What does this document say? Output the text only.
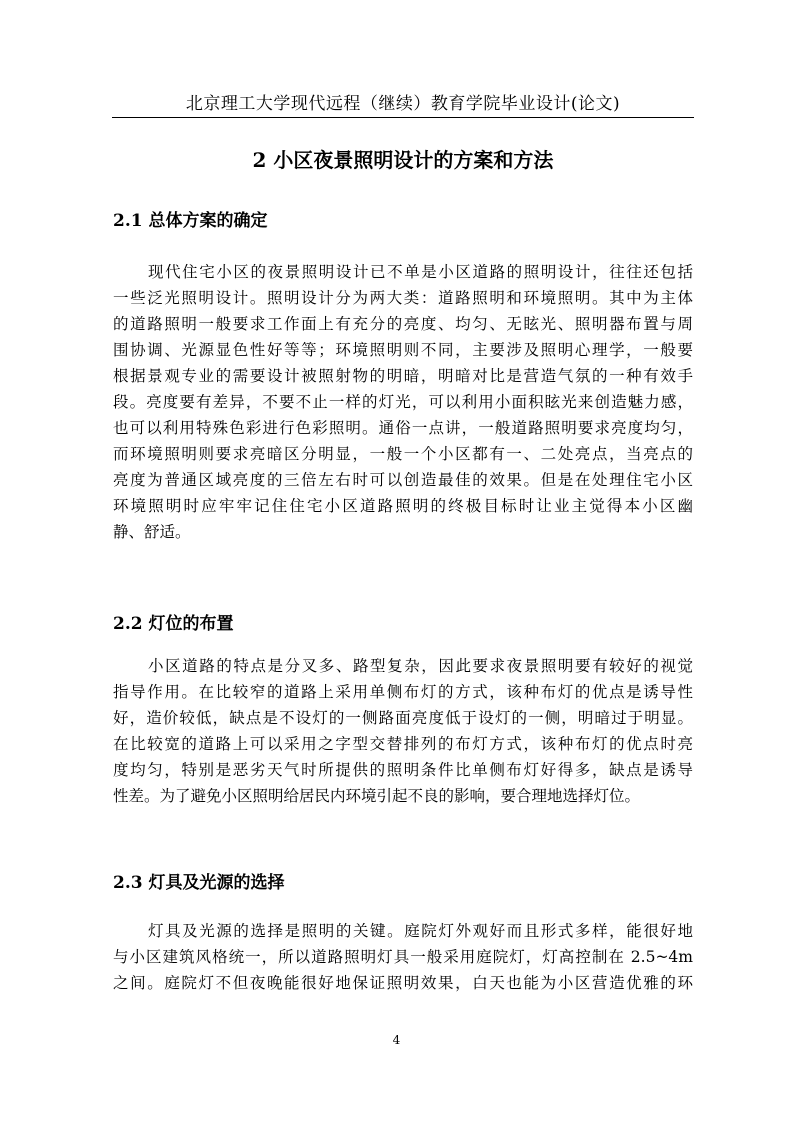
北京理工大学现代远程（继续）教育学院毕业设计(论文)
2 小区夜景照明设计的方案和方法
2.1 总体方案的确定
现代住宅小区的夜景照明设计已不单是小区道路的照明设计，往往还包括
一些泛光照明设计。照明设计分为两大类：道路照明和环境照明。其中为主体
的道路照明一般要求工作面上有充分的亮度、均匀、无眩光、照明器布置与周
围协调、光源显色性好等等；环境照明则不同，主要涉及照明心理学，一般要
根据景观专业的需要设计被照射物的明暗，明暗对比是营造气氛的一种有效手
段。亮度要有差异，不要不止一样的灯光，可以利用小面积眩光来创造魅力感，
也可以利用特殊色彩进行色彩照明。通俗一点讲，一般道路照明要求亮度均匀，
而环境照明则要求亮暗区分明显，一般一个小区都有一、二处亮点，当亮点的
亮度为普通区域亮度的三倍左右时可以创造最佳的效果。但是在处理住宅小区
环境照明时应牢牢记住住宅小区道路照明的终极目标时让业主觉得本小区幽
静、舒适。
2.2 灯位的布置
小区道路的特点是分叉多、路型复杂，因此要求夜景照明要有较好的视觉
指导作用。在比较窄的道路上采用单侧布灯的方式，该种布灯的优点是诱导性
好，造价较低，缺点是不设灯的一侧路面亮度低于设灯的一侧，明暗过于明显。
在比较宽的道路上可以采用之字型交替排列的布灯方式，该种布灯的优点时亮
度均匀，特别是恶劣天气时所提供的照明条件比单侧布灯好得多，缺点是诱导
性差。为了避免小区照明给居民内环境引起不良的影响，要合理地选择灯位。
2.3 灯具及光源的选择
灯具及光源的选择是照明的关键。庭院灯外观好而且形式多样，能很好地
与小区建筑风格统一，所以道路照明灯具一般采用庭院灯，灯高控制在 2.5~4m
之间。庭院灯不但夜晚能很好地保证照明效果，白天也能为小区营造优雅的环
4
